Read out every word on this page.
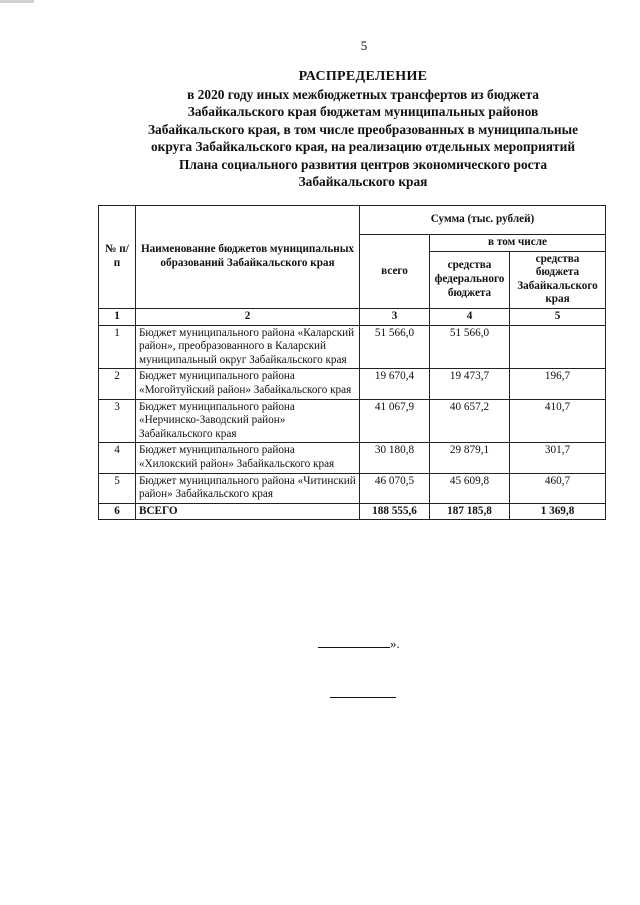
5
РАСПРЕДЕЛЕНИЕ
в 2020 году иных межбюджетных трансфертов из бюджета
Забайкальского края бюджетам муниципальных районов
Забайкальского края, в том числе преобразованных в муниципальные
округа Забайкальского края, на реализацию отдельных мероприятий
Плана социального развития центров экономического роста
Забайкальского края
№ п/п	Наименование бюджетов муниципальных образований Забайкальского края	Сумма (тыс. рублей)		
		всего	в том числе	
			средства федерального бюджета	средства бюджета Забайкальского края
1	2	3	4	5
1	Бюджет муниципального района «Каларский район», преобразованного в Каларский муниципальный округ Забайкальского края	51 566,0	51 566,0	
2	Бюджет муниципального района «Могойтуйский район» Забайкальского края	19 670,4	19 473,7	196,7
3	Бюджет муниципального района «Нерчинско-Заводский район» Забайкальского края	41 067,9	40 657,2	410,7
4	Бюджет муниципального района «Хилокский район» Забайкальского края	30 180,8	29 879,1	301,7
5	Бюджет муниципального района «Читинский район» Забайкальского края	46 070,5	45 609,8	460,7
6	ВСЕГО	188 555,6	187 185,8	1 369,8
».
